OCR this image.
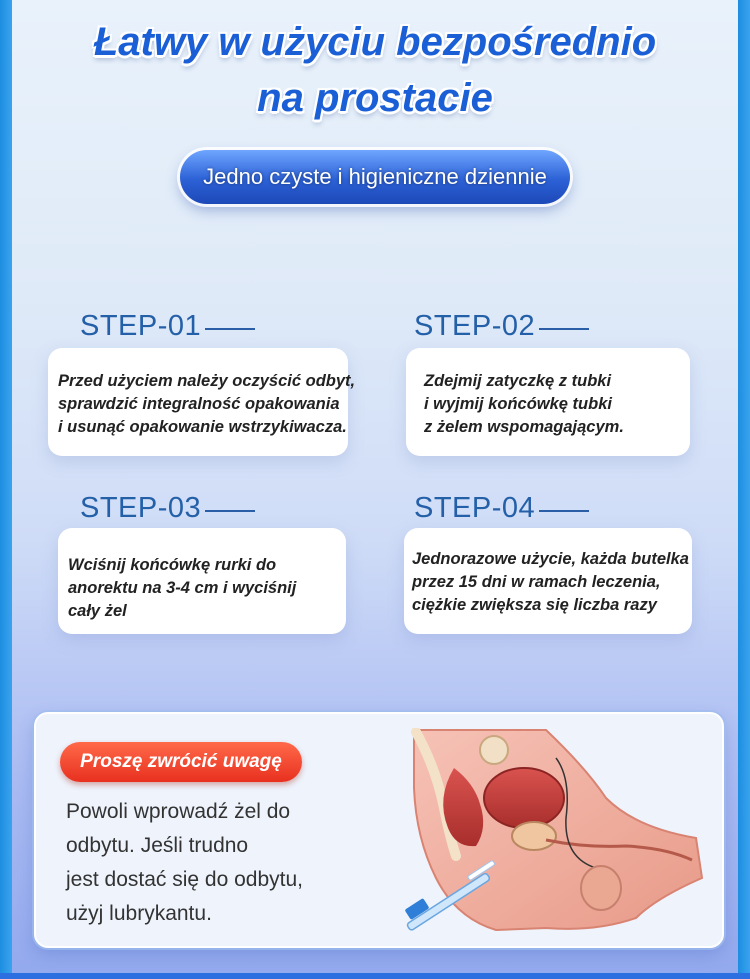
Łatwy w użyciu bezpośrednio
na prostacie
Jedno czyste i higieniczne dziennie
STEP-01
Przed użyciem należy oczyścić odbyt,
sprawdzić integralność opakowania
i usunąć opakowanie wstrzykiwacza.
STEP-02
Zdejmij zatyczkę z tubki
i wyjmij końcówkę tubki
z żelem wspomagającym.
STEP-03
Wciśnij końcówkę rurki do
anorektu na 3-4 cm i wyciśnij
cały żel
STEP-04
Jednorazowe użycie, każda butelka
przez 15 dni w ramach leczenia,
ciężkie zwiększa się liczba razy
Proszę zwrócić uwagę
Powoli wprowadź żel do
odbytu. Jeśli trudno
jest dostać się do odbytu,
użyj lubrykantu.
